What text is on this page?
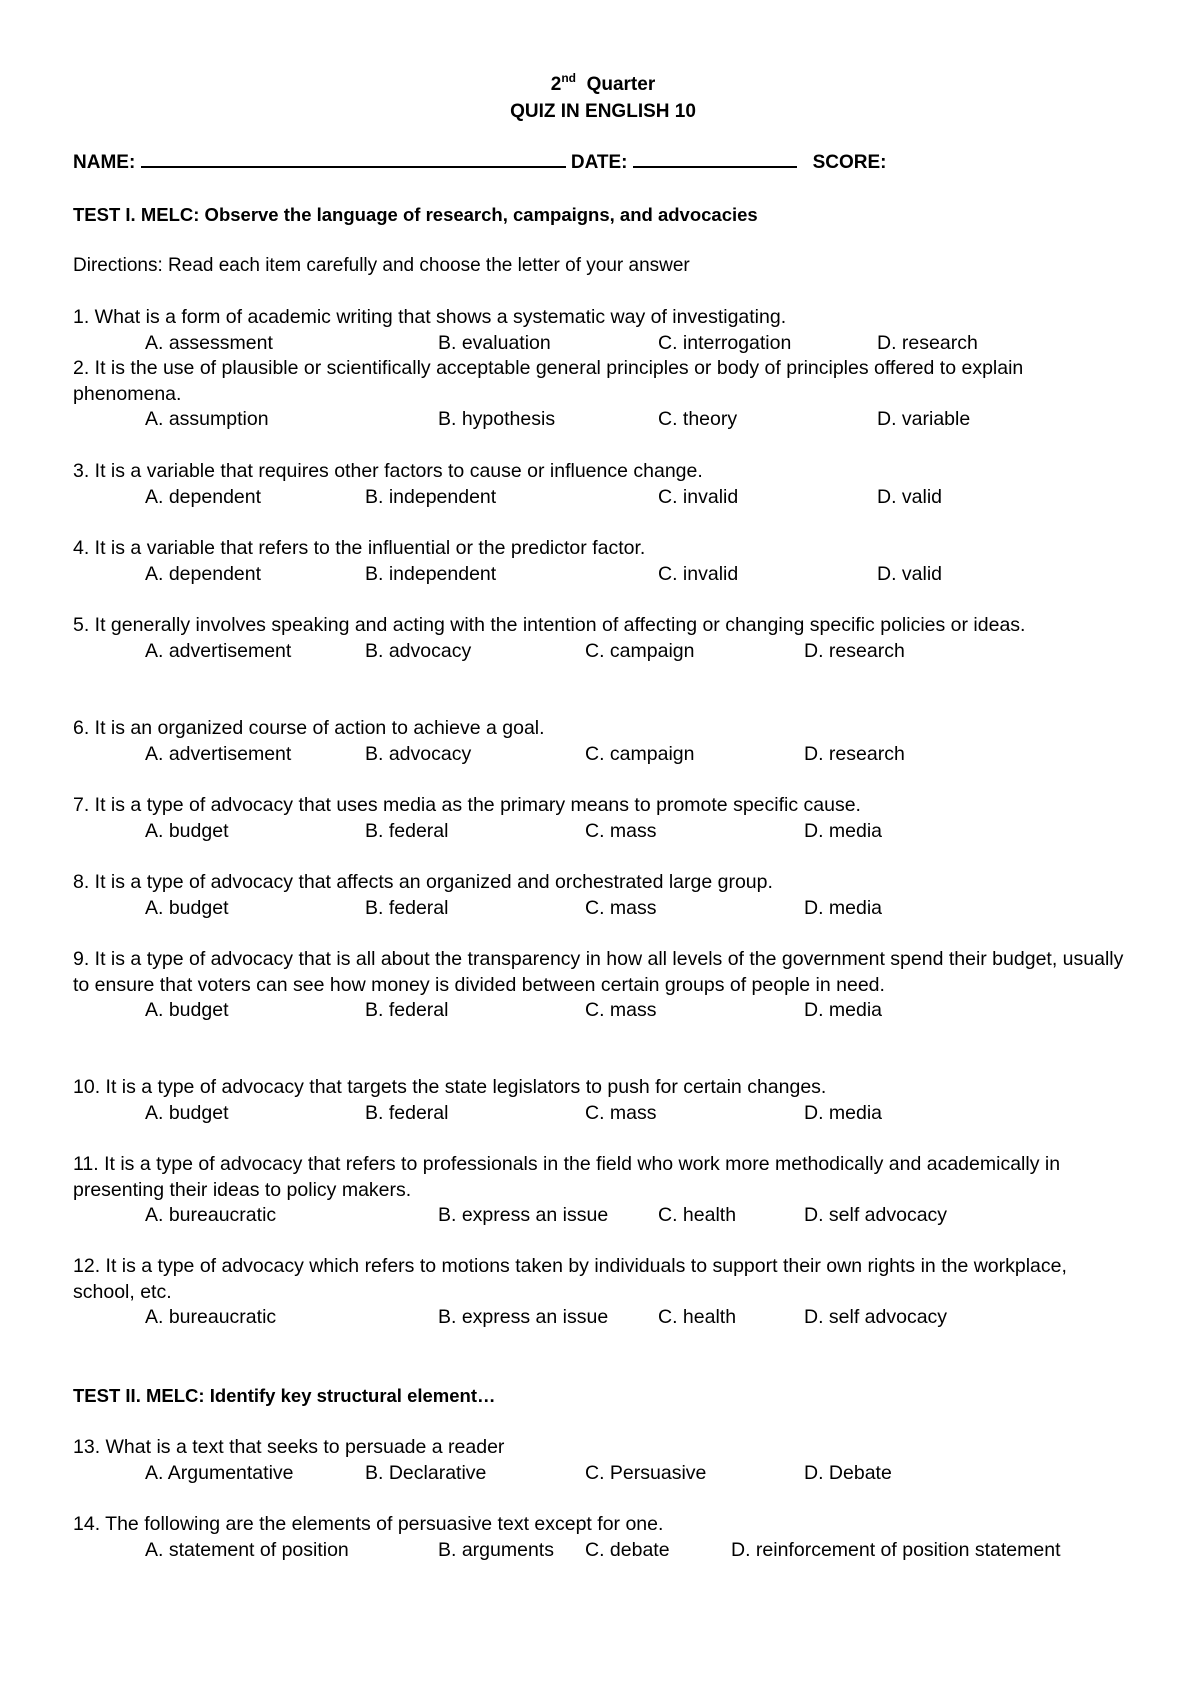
2nd Quarter
QUIZ IN ENGLISH 10
NAME:	DATE:	SCORE:
TEST I. MELC: Observe the language of research, campaigns, and advocacies
Directions: Read each item carefully and choose the letter of your answer
1. What is a form of academic writing that shows a systematic way of investigating.
A. assessment	B. evaluation	C. interrogation	D. research
2. It is the use of plausible or scientifically acceptable general principles or body of principles offered to explain phenomena.
A. assumption	B. hypothesis	C. theory	D. variable
3. It is a variable that requires other factors to cause or influence change.
A. dependent	B. independent	C. invalid	D. valid
4. It is a variable that refers to the influential or the predictor factor.
A. dependent	B. independent	C. invalid	D. valid
5. It generally involves speaking and acting with the intention of affecting or changing specific policies or ideas.
A. advertisement	B. advocacy	C. campaign	D. research
6. It is an organized course of action to achieve a goal.
A. advertisement	B. advocacy	C. campaign	D. research
7. It is a type of advocacy that uses media as the primary means to promote specific cause.
A. budget	B. federal	C. mass	D. media
8. It is a type of advocacy that affects an organized and orchestrated large group.
A. budget	B. federal	C. mass	D. media
9. It is a type of advocacy that is all about the transparency in how all levels of the government spend their budget, usually to ensure that voters can see how money is divided between certain groups of people in need.
A. budget	B. federal	C. mass	D. media
10. It is a type of advocacy that targets the state legislators to push for certain changes.
A. budget	B. federal	C. mass	D. media
11. It is a type of advocacy that refers to professionals in the field who work more methodically and academically in presenting their ideas to policy makers.
A. bureaucratic	B. express an issue	C. health	D. self advocacy
12. It is a type of advocacy which refers to motions taken by individuals to support their own rights in the workplace, school, etc.
A. bureaucratic	B. express an issue	C. health	D. self advocacy
TEST II. MELC: Identify key structural element…
13. What is a text that seeks to persuade a reader
A. Argumentative	B. Declarative	C. Persuasive	D. Debate
14. The following are the elements of persuasive text except for one.
A. statement of position	B. arguments C. debate	D. reinforcement of position statement
